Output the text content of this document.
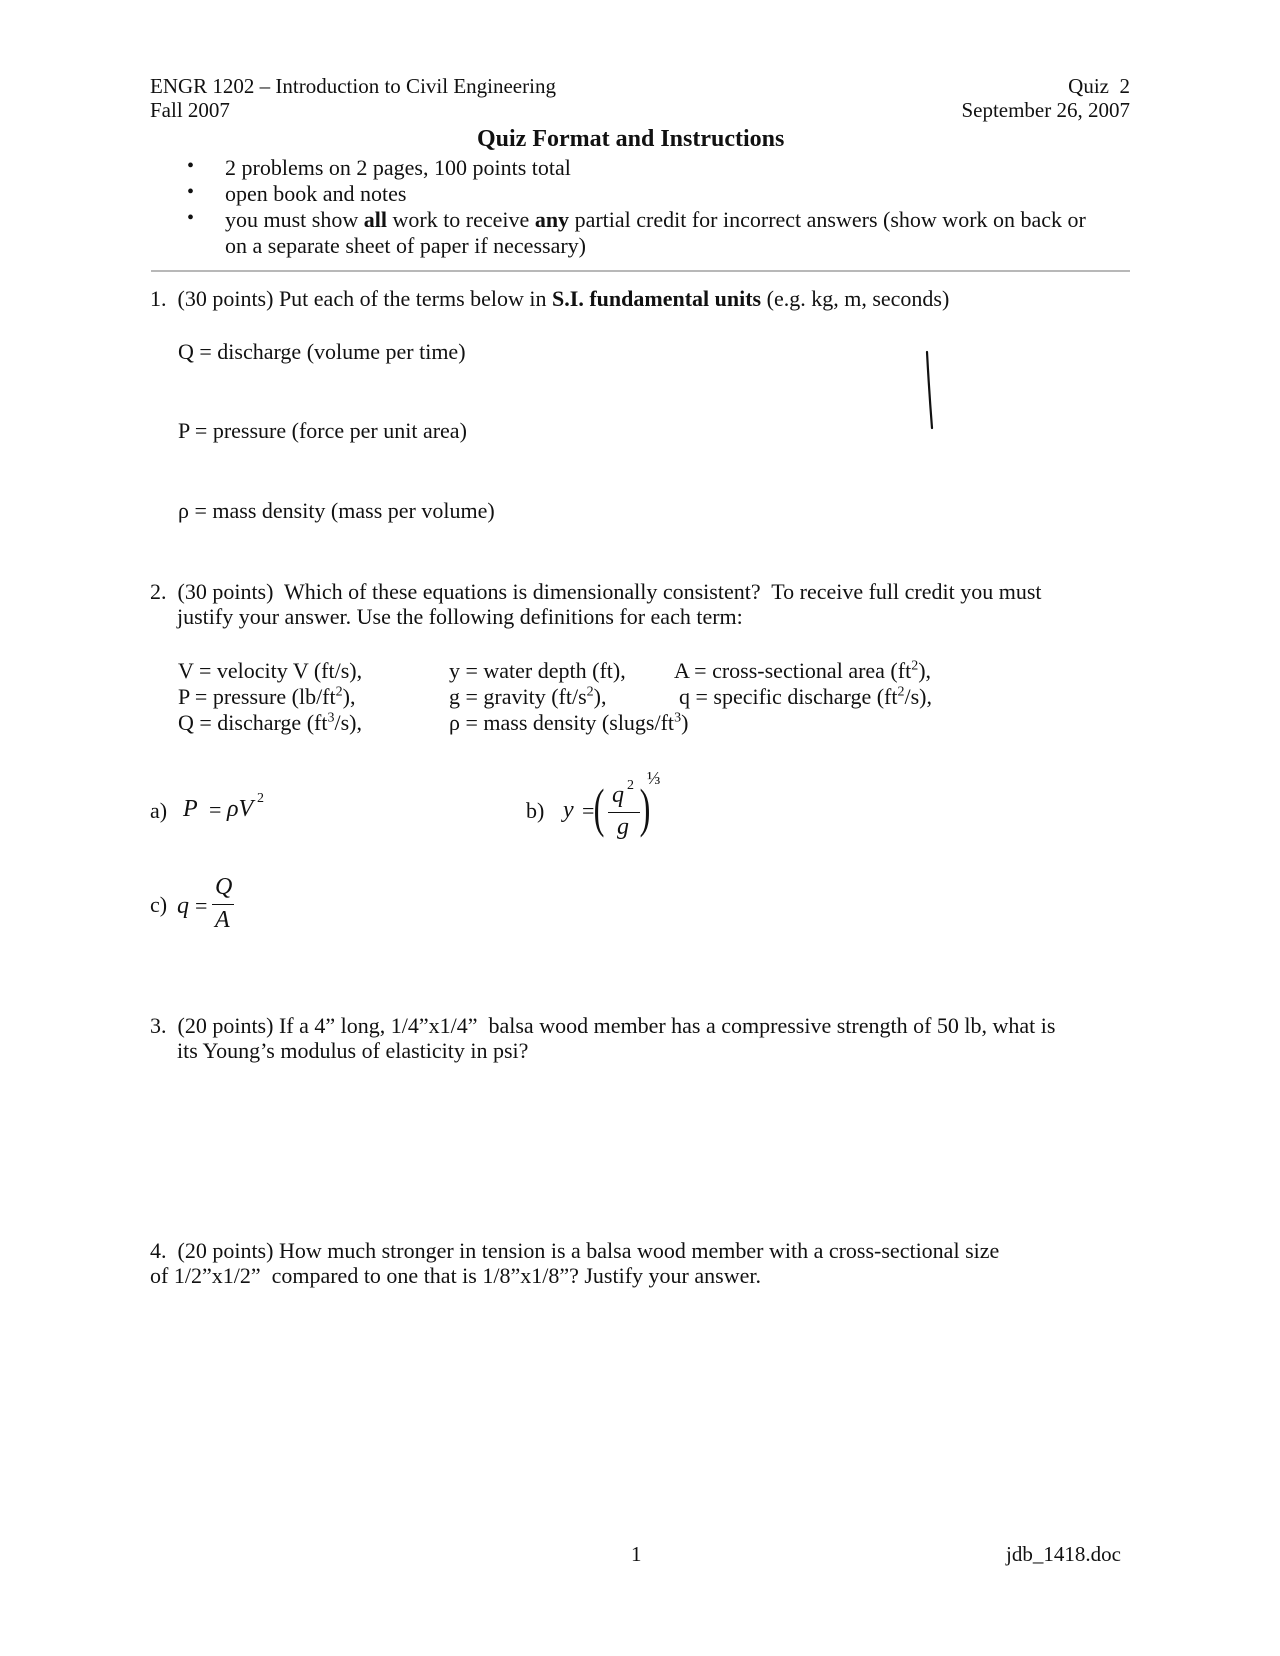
ENGR 1202 – Introduction to Civil Engineering
Fall 2007
Quiz  2
September 26, 2007
Quiz Format and Instructions
• 2 problems on 2 pages, 100 points total
• open book and notes
• you must show all work to receive any partial credit for incorrect answers (show work on back or
on a separate sheet of paper if necessary)
1.  (30 points) Put each of the terms below in S.I. fundamental units (e.g. kg, m, seconds)
Q = discharge (volume per time)
P = pressure (force per unit area)
ρ = mass density (mass per volume)
2.  (30 points)  Which of these equations is dimensionally consistent?  To receive full credit you must
justify your answer. Use the following definitions for each term:
V = velocity V (ft/s),
P = pressure $(lb/ft^2)$,
Q = discharge $(ft^3/s)$,
y = water depth (ft),
g = gravity $(ft/s^2)$,
ρ = mass density $(slugs/ft^3)$
A = cross-sectional area $(ft^2)$,
q = specific discharge $(ft^2/s)$,
a) P = ρV 2	b) y = ( q 2
g )
⅓
c) q =
Q
A
3.  (20 points) If a 4” long, 1/4”x1/4”  balsa wood member has a compressive strength of 50 lb, what is
its Young’s modulus of elasticity in psi?
4.  (20 points) How much stronger in tension is a balsa wood member with a cross-sectional size
of 1/2”x1/2”  compared to one that is 1/8”x1/8”? Justify your answer.
1	jdb_1418.doc
